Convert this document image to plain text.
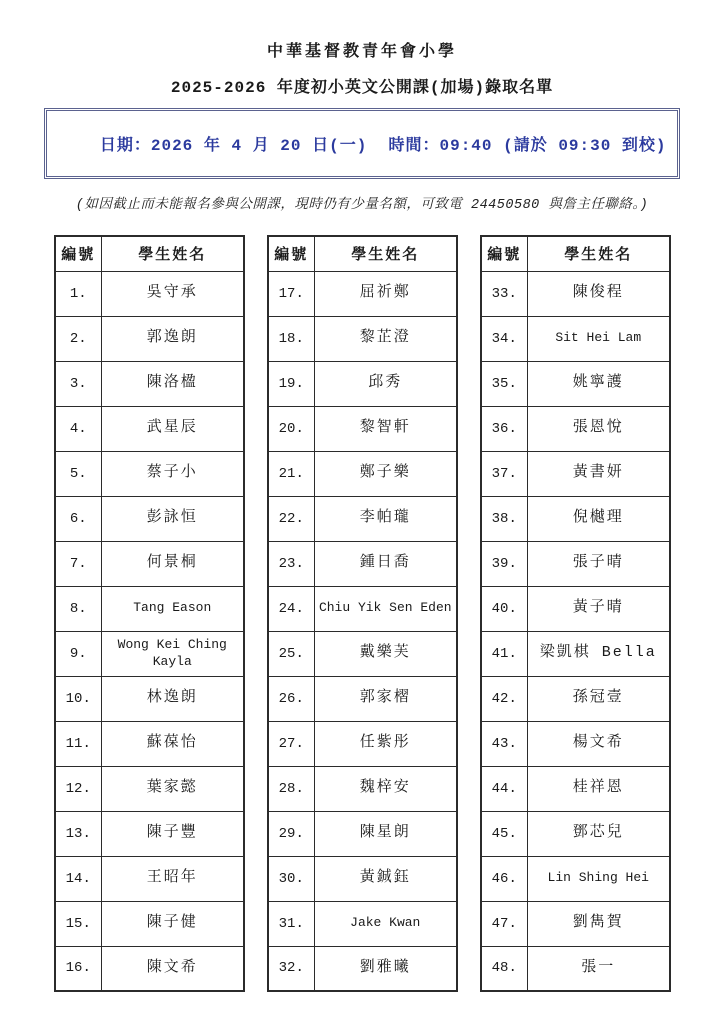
中華基督教青年會小學
2025-2026 年度初小英文公開課(加場)錄取名單

日期：2026 年 4 月 20 日(一)  時間：09:40 (請於 09:30 到校)

(如因截止而未能報名參與公開課，現時仍有少量名額，可致電 24450580 與詹主任聯絡。)

編號	學生姓名
1.	吳守承
2.	郭逸朗
3.	陳洛楹
4.	武星辰
5.	蔡子小
6.	彭詠恒
7.	何景桐
8.	Tang Eason
9.	Wong Kei Ching Kayla
10.	林逸朗
11.	蘇葆怡
12.	葉家懿
13.	陳子豐
14.	王昭年
15.	陳子健
16.	陳文希
編號	學生姓名
17.	屈祈鄭
18.	黎芷澄
19.	邱秀
20.	黎智軒
21.	鄭子樂
22.	李帕瓏
23.	鍾日喬
24.	Chiu Yik Sen Eden
25.	戴樂芙
26.	郭家槢
27.	任紫彤
28.	魏梓安
29.	陳星朗
30.	黃鋮鈺
31.	Jake Kwan
32.	劉雅曦
編號	學生姓名
33.	陳俊程
34.	Sit Hei Lam
35.	姚寧護
36.	張恩悅
37.	黃書妍
38.	倪樾理
39.	張子晴
40.	黃子晴
41.	梁凱棋 Bella
42.	孫冠壹
43.	楊文希
44.	桂祥恩
45.	鄧芯兒
46.	Lin Shing Hei
47.	劉雋賀
48.	張一
